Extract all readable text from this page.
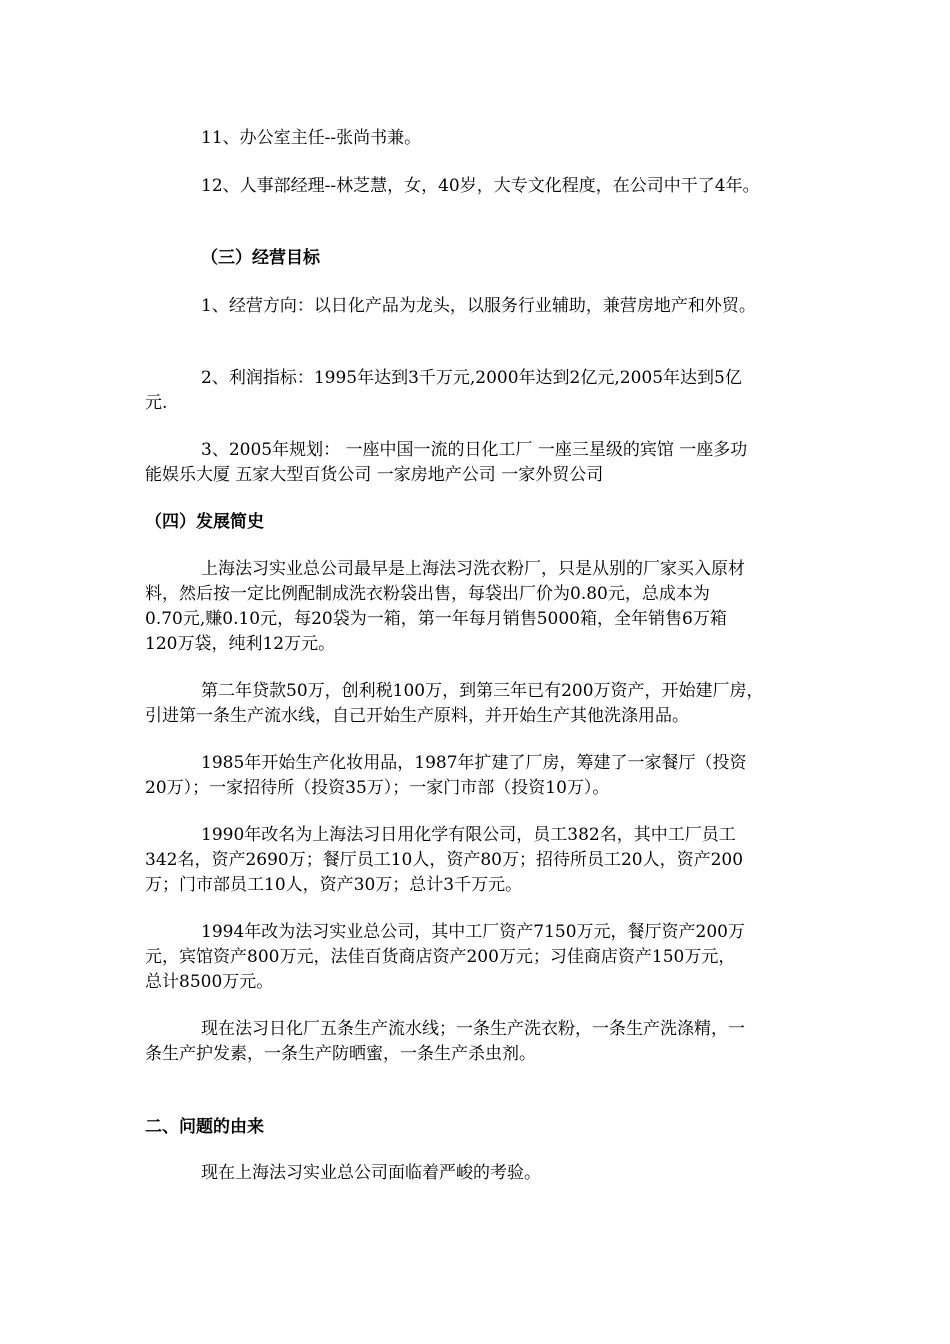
11、办公室主任--张尚书兼。
12、人事部经理--林芝慧，女，40岁，大专文化程度，在公司中干了4年。
（三）经营目标
1、经营方向：以日化产品为龙头，以服务行业辅助，兼营房地产和外贸。
2、利润指标：1995年达到3千万元,2000年达到2亿元,2005年达到5亿
元.
3、2005年规划： 一座中国一流的日化工厂 一座三星级的宾馆 一座多功
能娱乐大厦 五家大型百货公司 一家房地产公司 一家外贸公司
（四）发展简史
上海法习实业总公司最早是上海法习洗衣粉厂，只是从别的厂家买入原材
料，然后按一定比例配制成洗衣粉袋出售，每袋出厂价为0.80元，总成本为
0.70元,赚0.10元，每20袋为一箱，第一年每月销售5000箱，全年销售6万箱
120万袋，纯利12万元。
第二年贷款50万，创利税100万，到第三年已有200万资产，开始建厂房，
引进第一条生产流水线，自己开始生产原料，并开始生产其他洗涤用品。
1985年开始生产化妆用品，1987年扩建了厂房，筹建了一家餐厅（投资
20万）；一家招待所（投资35万）；一家门市部（投资10万）。
1990年改名为上海法习日用化学有限公司，员工382名，其中工厂员工
342名，资产2690万；餐厅员工10人，资产80万；招待所员工20人，资产200
万；门市部员工10人，资产30万；总计3千万元。
1994年改为法习实业总公司，其中工厂资产7150万元，餐厅资产200万
元，宾馆资产800万元，法佳百货商店资产200万元；习佳商店资产150万元，
总计8500万元。
现在法习日化厂五条生产流水线；一条生产洗衣粉，一条生产洗涤精，一
条生产护发素，一条生产防晒蜜，一条生产杀虫剂。
二、问题的由来
现在上海法习实业总公司面临着严峻的考验。
